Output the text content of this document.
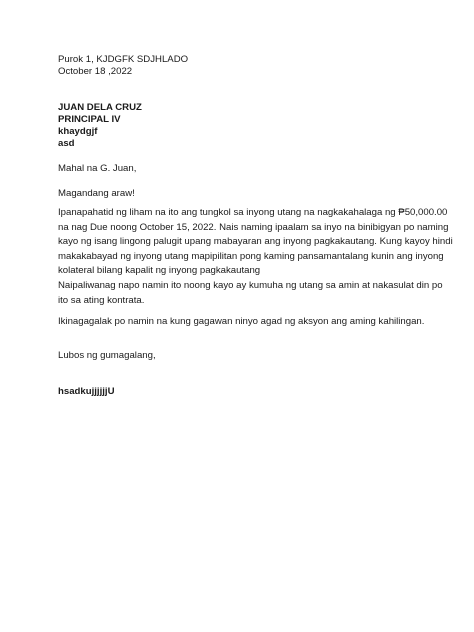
Purok 1, KJDGFK SDJHLADO
October 18 ,2022
JUAN DELA CRUZ
PRINCIPAL IV
khaydgjf
asd
Mahal na G. Juan,
Magandang araw!
Ipanapahatid ng liham na ito ang tungkol sa inyong utang na nagkakahalaga ng ₱50,000.00
na nag Due noong October 15, 2022. Nais naming ipaalam sa inyo na binibigyan po naming
kayo ng isang lingong palugit upang mabayaran ang inyong pagkakautang. Kung kayoy hindi
makakabayad ng inyong utang mapipilitan pong kaming pansamantalang kunin ang inyong
kolateral bilang kapalit ng inyong pagkakautang
Naipaliwanag napo namin ito noong kayo ay kumuha ng utang sa amin at nakasulat din po
ito sa ating kontrata.
Ikinagagalak po namin na kung gagawan ninyo agad ng aksyon ang aming kahilingan.
Lubos ng gumagalang,
hsadkujjjjjjU
